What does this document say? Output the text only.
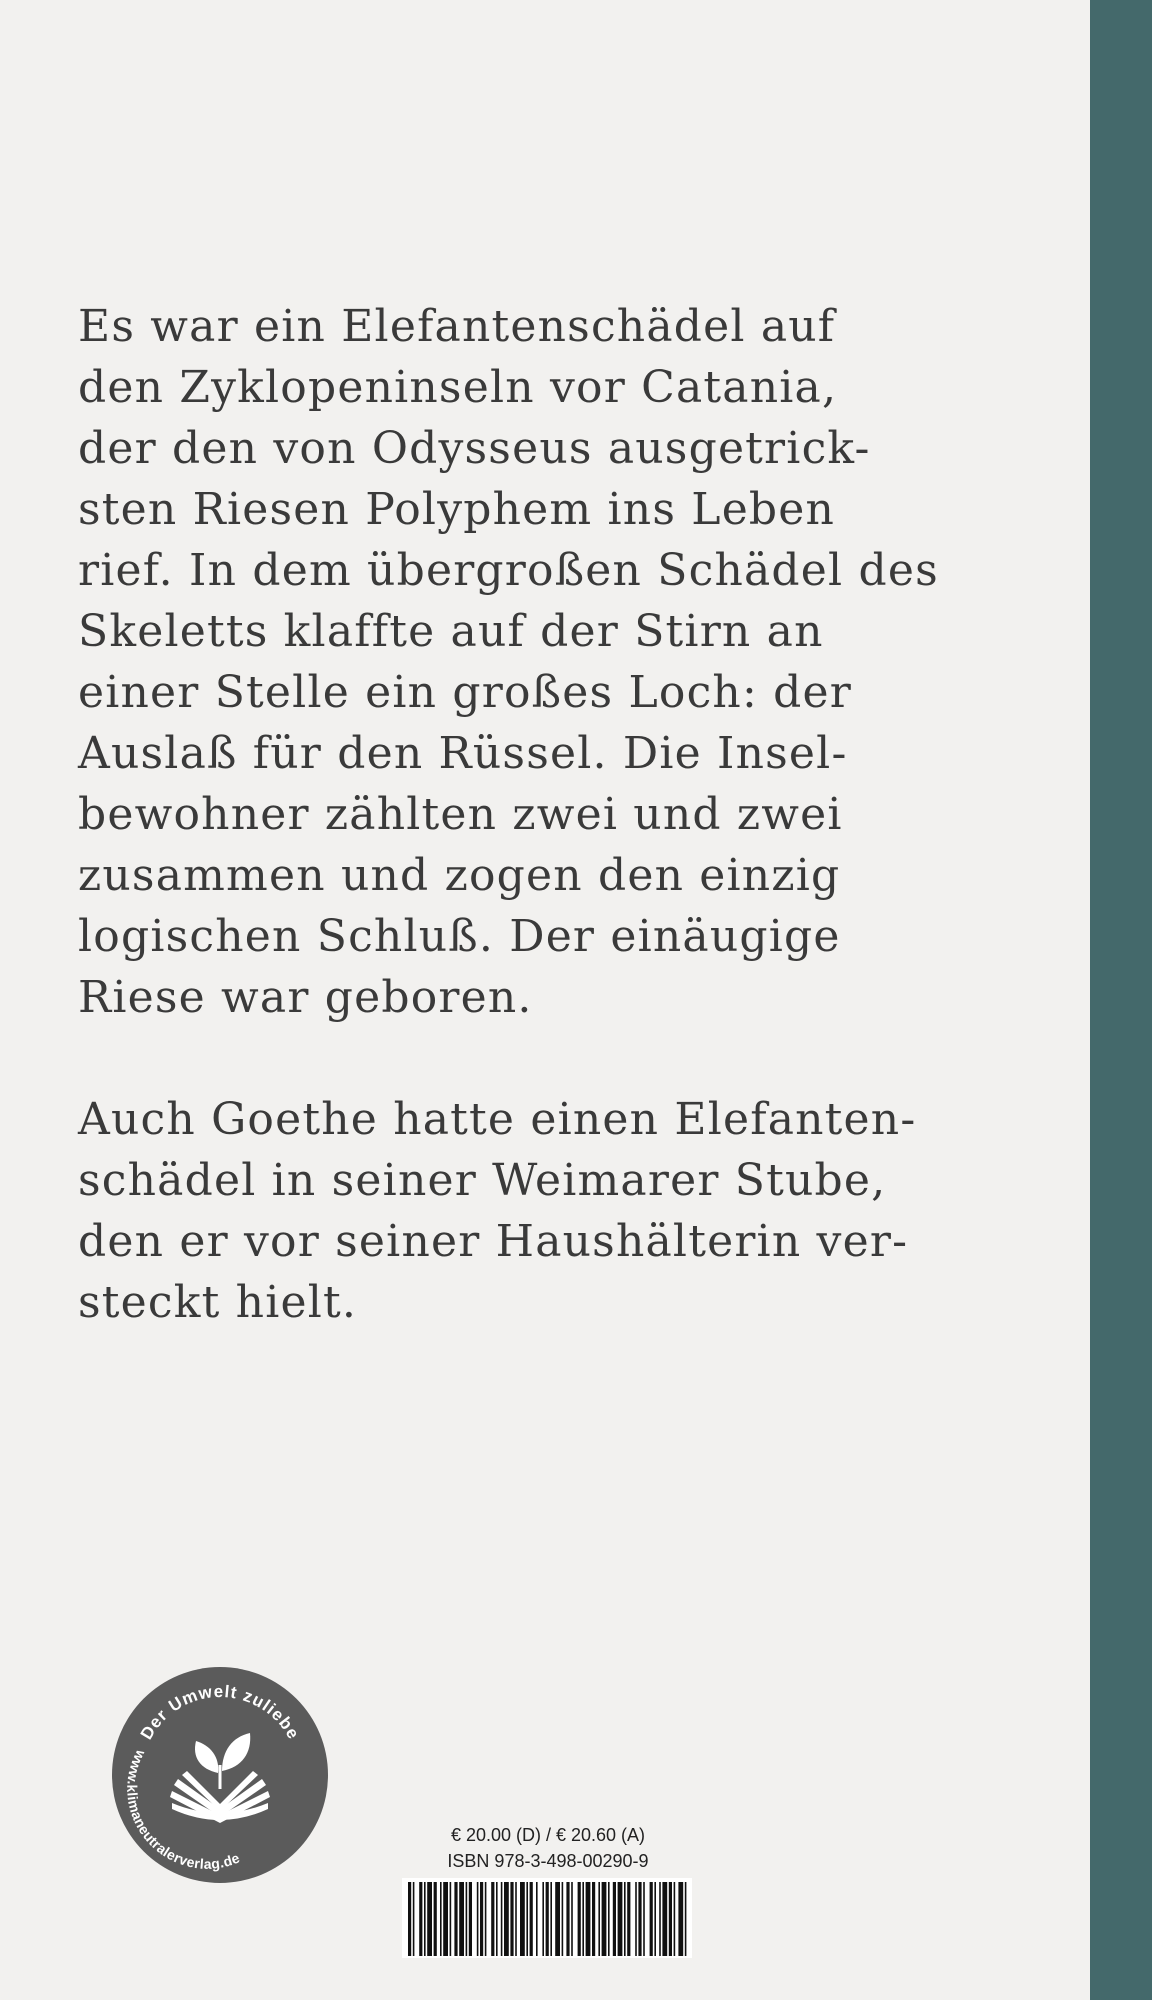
Es war ein Elefantenschädel auf
den Zyklopeninseln vor Catania,
der den von Odysseus ausgetrick-
sten Riesen Polyphem ins Leben
rief. In dem übergroßen Schädel des
Skeletts klaffte auf der Stirn an
einer Stelle ein großes Loch: der
Auslaß für den Rüssel. Die Insel-
bewohner zählten zwei und zwei
zusammen und zogen den einzig
logischen Schluß. Der einäugige
Riese war geboren.
Auch Goethe hatte einen Elefanten-
schädel in seiner Weimarer Stube,
den er vor seiner Haushälterin ver-
steckt hielt.
Der Umwelt zuliebe
www.klimaneutralerverlag.de
€ 20.00 (D) / € 20.60 (A)
ISBN 978-3-498-00290-9
